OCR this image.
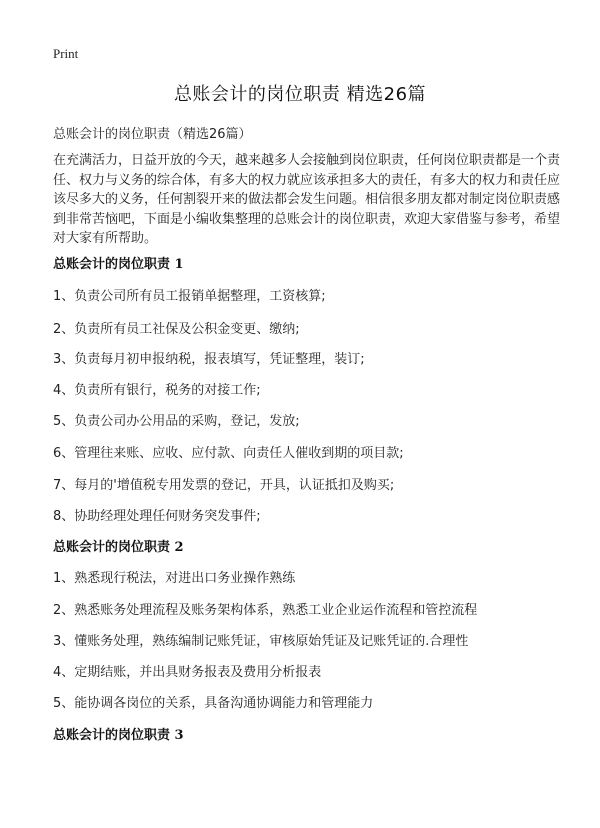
Print
总账会计的岗位职责 精选26篇
总账会计的岗位职责（精选26篇）

在充满活力，日益开放的今天，越来越多人会接触到岗位职责，任何岗位职责都是一个责任、权力与义务的综合体，有多大的权力就应该承担多大的责任，有多大的权力和责任应该尽多大的义务，任何割裂开来的做法都会发生问题。相信很多朋友都对制定岗位职责感到非常苦恼吧，下面是小编收集整理的总账会计的岗位职责，欢迎大家借鉴与参考，希望对大家有所帮助。

总账会计的岗位职责 1
1、负责公司所有员工报销单据整理，工资核算;
2、负责所有员工社保及公积金变更、缴纳;
3、负责每月初申报纳税，报表填写，凭证整理，装订;
4、负责所有银行，税务的对接工作;
5、负责公司办公用品的采购，登记，发放;
6、管理往来账、应收、应付款、向责任人催收到期的项目款;
7、每月的'增值税专用发票的登记，开具，认证抵扣及购买;
8、协助经理处理任何财务突发事件;
总账会计的岗位职责 2
1、熟悉现行税法，对进出口务业操作熟练
2、熟悉账务处理流程及账务架构体系，熟悉工业企业运作流程和管控流程
3、懂账务处理，熟练编制记账凭证，审核原始凭证及记账凭证的.合理性
4、定期结账，并出具财务报表及费用分析报表
5、能协调各岗位的关系，具备沟通协调能力和管理能力
总账会计的岗位职责 3
